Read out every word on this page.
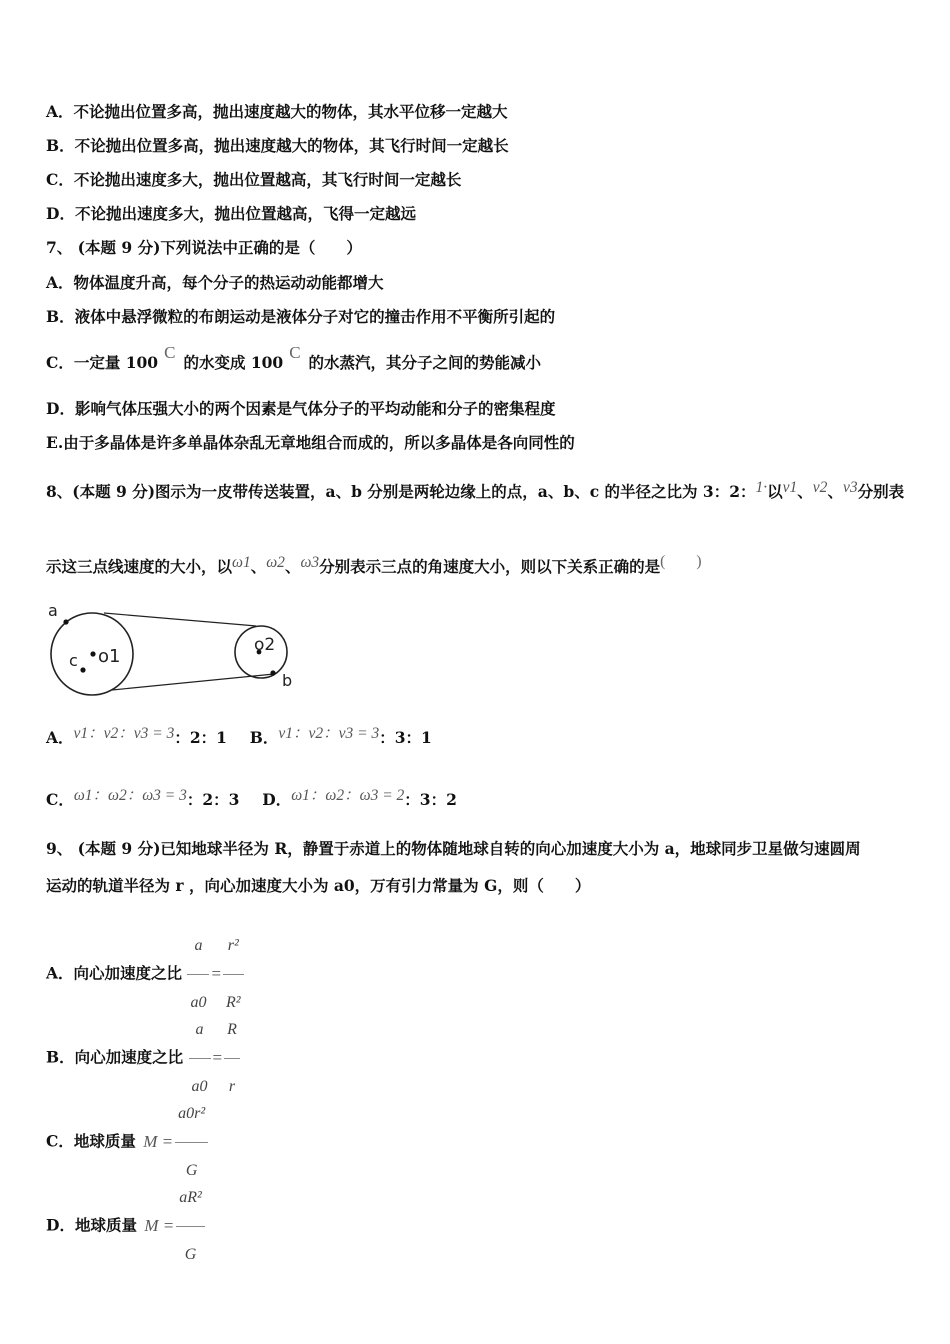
A．不论抛出位置多高，抛出速度越大的物体，其水平位移一定越大
B．不论抛出位置多高，抛出速度越大的物体，其飞行时间一定越长
C．不论抛出速度多大，抛出位置越高，其飞行时间一定越长
D．不论抛出速度多大，抛出位置越高，飞得一定越远
7、 (本题 9 分)下列说法中正确的是（　　）
A．物体温度升高，每个分子的热运动动能都增大
B．液体中悬浮微粒的布朗运动是液体分子对它的撞击作用不平衡所引起的
C．一定量 100C的水变成 100C的水蒸汽，其分子之间的势能减小
D．影响气体压强大小的两个因素是气体分子的平均动能和分子的密集程度
E.由于多晶体是许多单晶体杂乱无章地组合而成的，所以多晶体是各向同性的
8、(本题 9 分)图示为一皮带传送装置，a、b 分别是两轮边缘上的点，a、b、c 的半径之比为 3：2：1·以v1、v2、v3分别表
示这三点线速度的大小，以ω1、ω2、ω3分别表示三点的角速度大小，则以下关系正确的是(　　)
a
c o1
o2
b
A．v1：v2：v3 = 3：2：1 B．v1：v2：v3 = 3：3：1
C．ω1：ω2：ω3 = 3：2：3 D．ω1：ω2：ω3 = 2：3：2
9、 (本题 9 分)已知地球半径为 R，静置于赤道上的物体随地球自转的向心加速度大小为 a，地球同步卫星做匀速圆周
运动的轨道半径为 r ，向心加速度大小为 a0，万有引力常量为 G，则（　　）
A．向心加速度之比 $\frac{a}{a0} = \frac{\text{r²}}{\text{R²}}$
B．向心加速度之比 $\frac{a}{a0} = \frac{R}{r}$
C．地球质量 $M = \frac{\text{a0r²}}{G}$
D．地球质量 $M = \frac{\text{aR²}}{G}$
